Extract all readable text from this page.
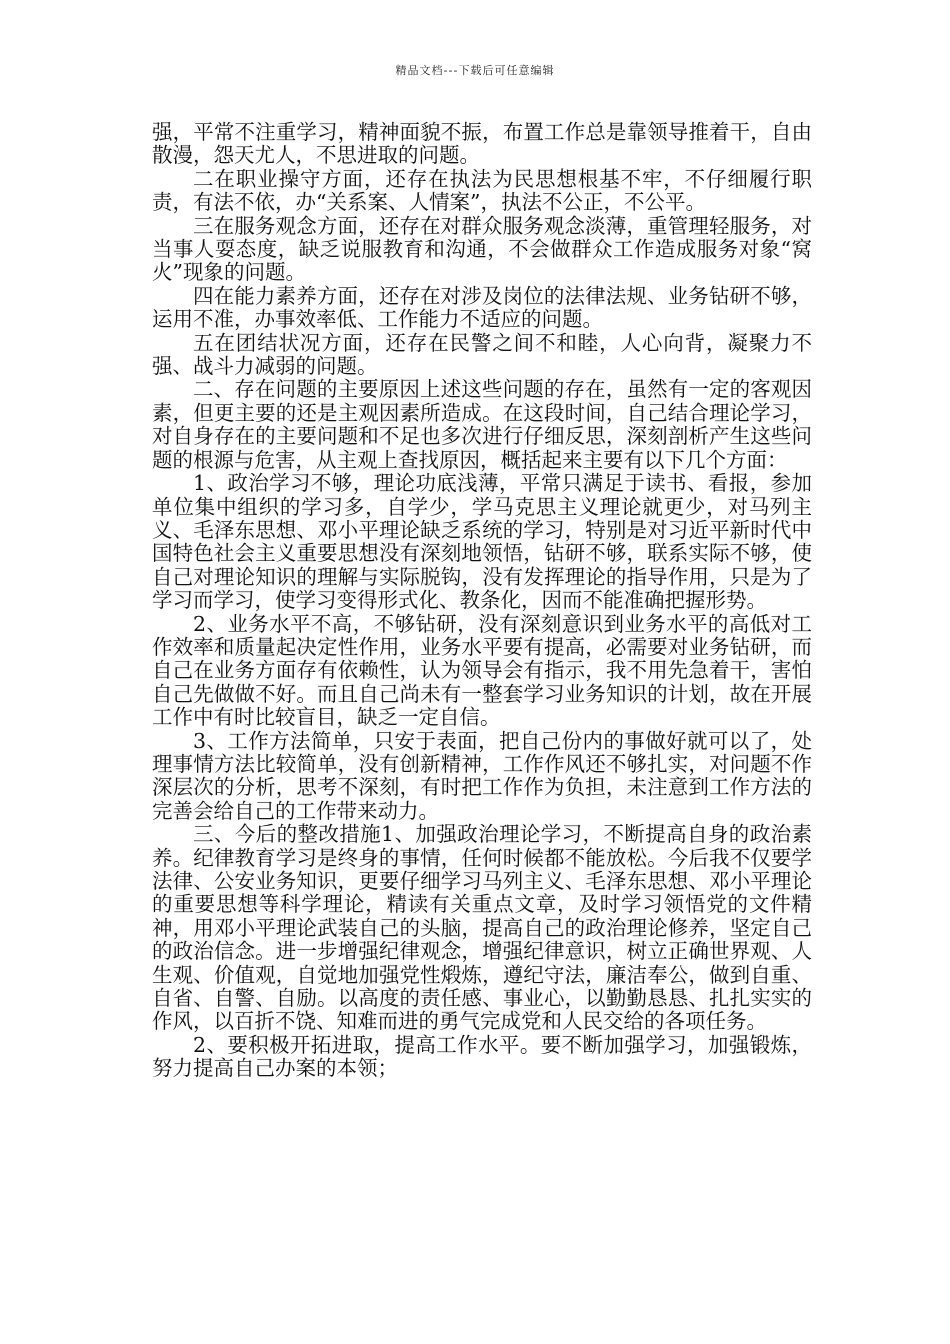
精品文档---下载后可任意编辑

强，平常不注重学习，精神面貌不振，布置工作总是靠领导推着干，自由散漫，怨天尤人，不思进取的问题。

二在职业操守方面，还存在执法为民思想根基不牢，不仔细履行职责，有法不依，办“关系案、人情案”，执法不公正，不公平。

三在服务观念方面，还存在对群众服务观念淡薄，重管理轻服务，对当事人耍态度，缺乏说服教育和沟通，不会做群众工作造成服务对象“窝火”现象的问题。

四在能力素养方面，还存在对涉及岗位的法律法规、业务钻研不够，运用不准，办事效率低、工作能力不适应的问题。

五在团结状况方面，还存在民警之间不和睦，人心向背，凝聚力不强、战斗力减弱的问题。

二、存在问题的主要原因上述这些问题的存在，虽然有一定的客观因素，但更主要的还是主观因素所造成。在这段时间，自己结合理论学习，对自身存在的主要问题和不足也多次进行仔细反思，深刻剖析产生这些问题的根源与危害，从主观上查找原因，概括起来主要有以下几个方面：

1、政治学习不够，理论功底浅薄，平常只满足于读书、看报，参加单位集中组织的学习多，自学少，学马克思主义理论就更少，对马列主义、毛泽东思想、邓小平理论缺乏系统的学习，特别是对习近平新时代中国特色社会主义重要思想没有深刻地领悟，钻研不够，联系实际不够，使自己对理论知识的理解与实际脱钩，没有发挥理论的指导作用，只是为了学习而学习，使学习变得形式化、教条化，因而不能准确把握形势。

2、业务水平不高，不够钻研，没有深刻意识到业务水平的高低对工作效率和质量起决定性作用，业务水平要有提高，必需要对业务钻研，而自己在业务方面存有依赖性，认为领导会有指示，我不用先急着干，害怕自己先做做不好。而且自己尚未有一整套学习业务知识的计划，故在开展工作中有时比较盲目，缺乏一定自信。

3、工作方法简单，只安于表面，把自己份内的事做好就可以了，处理事情方法比较简单，没有创新精神，工作作风还不够扎实，对问题不作深层次的分析，思考不深刻，有时把工作作为负担，未注意到工作方法的完善会给自己的工作带来动力。

三、今后的整改措施1、加强政治理论学习，不断提高自身的政治素养。纪律教育学习是终身的事情，任何时候都不能放松。今后我不仅要学法律、公安业务知识，更要仔细学习马列主义、毛泽东思想、邓小平理论的重要思想等科学理论，精读有关重点文章，及时学习领悟党的文件精神，用邓小平理论武装自己的头脑，提高自己的政治理论修养，坚定自己的政治信念。进一步增强纪律观念，增强纪律意识，树立正确世界观、人生观、价值观，自觉地加强党性煅炼，遵纪守法，廉洁奉公，做到自重、自省、自警、自励。以高度的责任感、事业心，以勤勤恳恳、扎扎实实的作风，以百折不饶、知难而进的勇气完成党和人民交给的各项任务。

2、要积极开拓进取，提高工作水平。要不断加强学习，加强锻炼，努力提高自己办案的本领；
